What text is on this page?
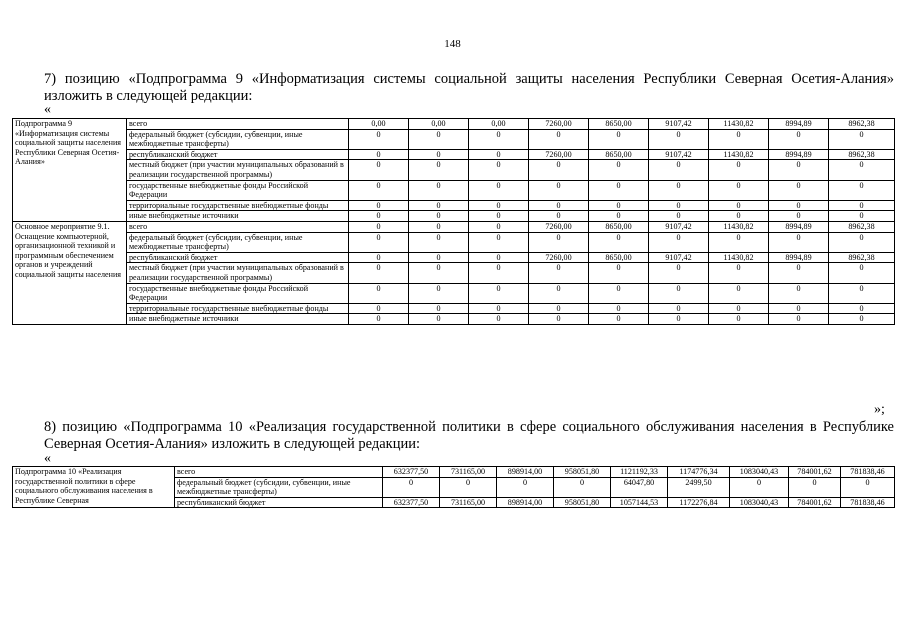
148
7) позицию «Подпрограмма 9 «Информатизация системы социальной защиты населения Республики Северная Осетия-Алания» изложить в следующей редакции:
«
Подпрограмма 9 «Информатизация системы социальной защиты населения Республики Северная Осетия-Алания»	всего	0,00	0,00	0,00	7260,00	8650,00	9107,42	11430,82	8994,89	8962,38
	федеральный бюджет (субсидии, субвенции, иные межбюджетные трансферты)	0	0	0	0	0	0	0	0	0
	республиканский бюджет	0	0	0	7260,00	8650,00	9107,42	11430,82	8994,89	8962,38
	местный бюджет (при участии муниципальных образований в реализации государственной программы)	0	0	0	0	0	0	0	0	0
	государственные внебюджетные фонды Российской Федерации	0	0	0	0	0	0	0	0	0
	территориальные государственные внебюджетные фонды	0	0	0	0	0	0	0	0	0
	иные внебюджетные источники	0	0	0	0	0	0	0	0	0
Основное мероприятие 9.1. Оснащение компьютерной, организационной техникой и программным обеспечением органов и учреждений социальной защиты населения	всего	0	0	0	7260,00	8650,00	9107,42	11430,82	8994,89	8962,38
	федеральный бюджет (субсидии, субвенции, иные межбюджетные трансферты)	0	0	0	0	0	0	0	0	0
	республиканский бюджет	0	0	0	7260,00	8650,00	9107,42	11430,82	8994,89	8962,38
	местный бюджет (при участии муниципальных образований в реализации государственной программы)	0	0	0	0	0	0	0	0	0
	государственные внебюджетные фонды Российской Федерации	0	0	0	0	0	0	0	0	0
	территориальные государственные внебюджетные фонды	0	0	0	0	0	0	0	0	0
	иные внебюджетные источники	0	0	0	0	0	0	0	0	0
»;
8) позицию «Подпрограмма 10 «Реализация государственной политики в сфере социального обслуживания населения в Республике Северная Осетия-Алания» изложить в следующей редакции:
«
Подпрограмма 10 «Реализация государственной политики в сфере социального обслуживания населения в Республике Северная	всего	632377,50	731165,00	898914,00	958051,80	1121192,33	1174776,34	1083040,43	784001,62	781838,46
	федеральный бюджет (субсидии, субвенции, иные межбюджетные трансферты)	0	0	0	0	64047,80	2499,50	0	0	0
	республиканский бюджет	632377,50	731165,00	898914,00	958051,80	1057144,53	1172276,84	1083040,43	784001,62	781838,46
